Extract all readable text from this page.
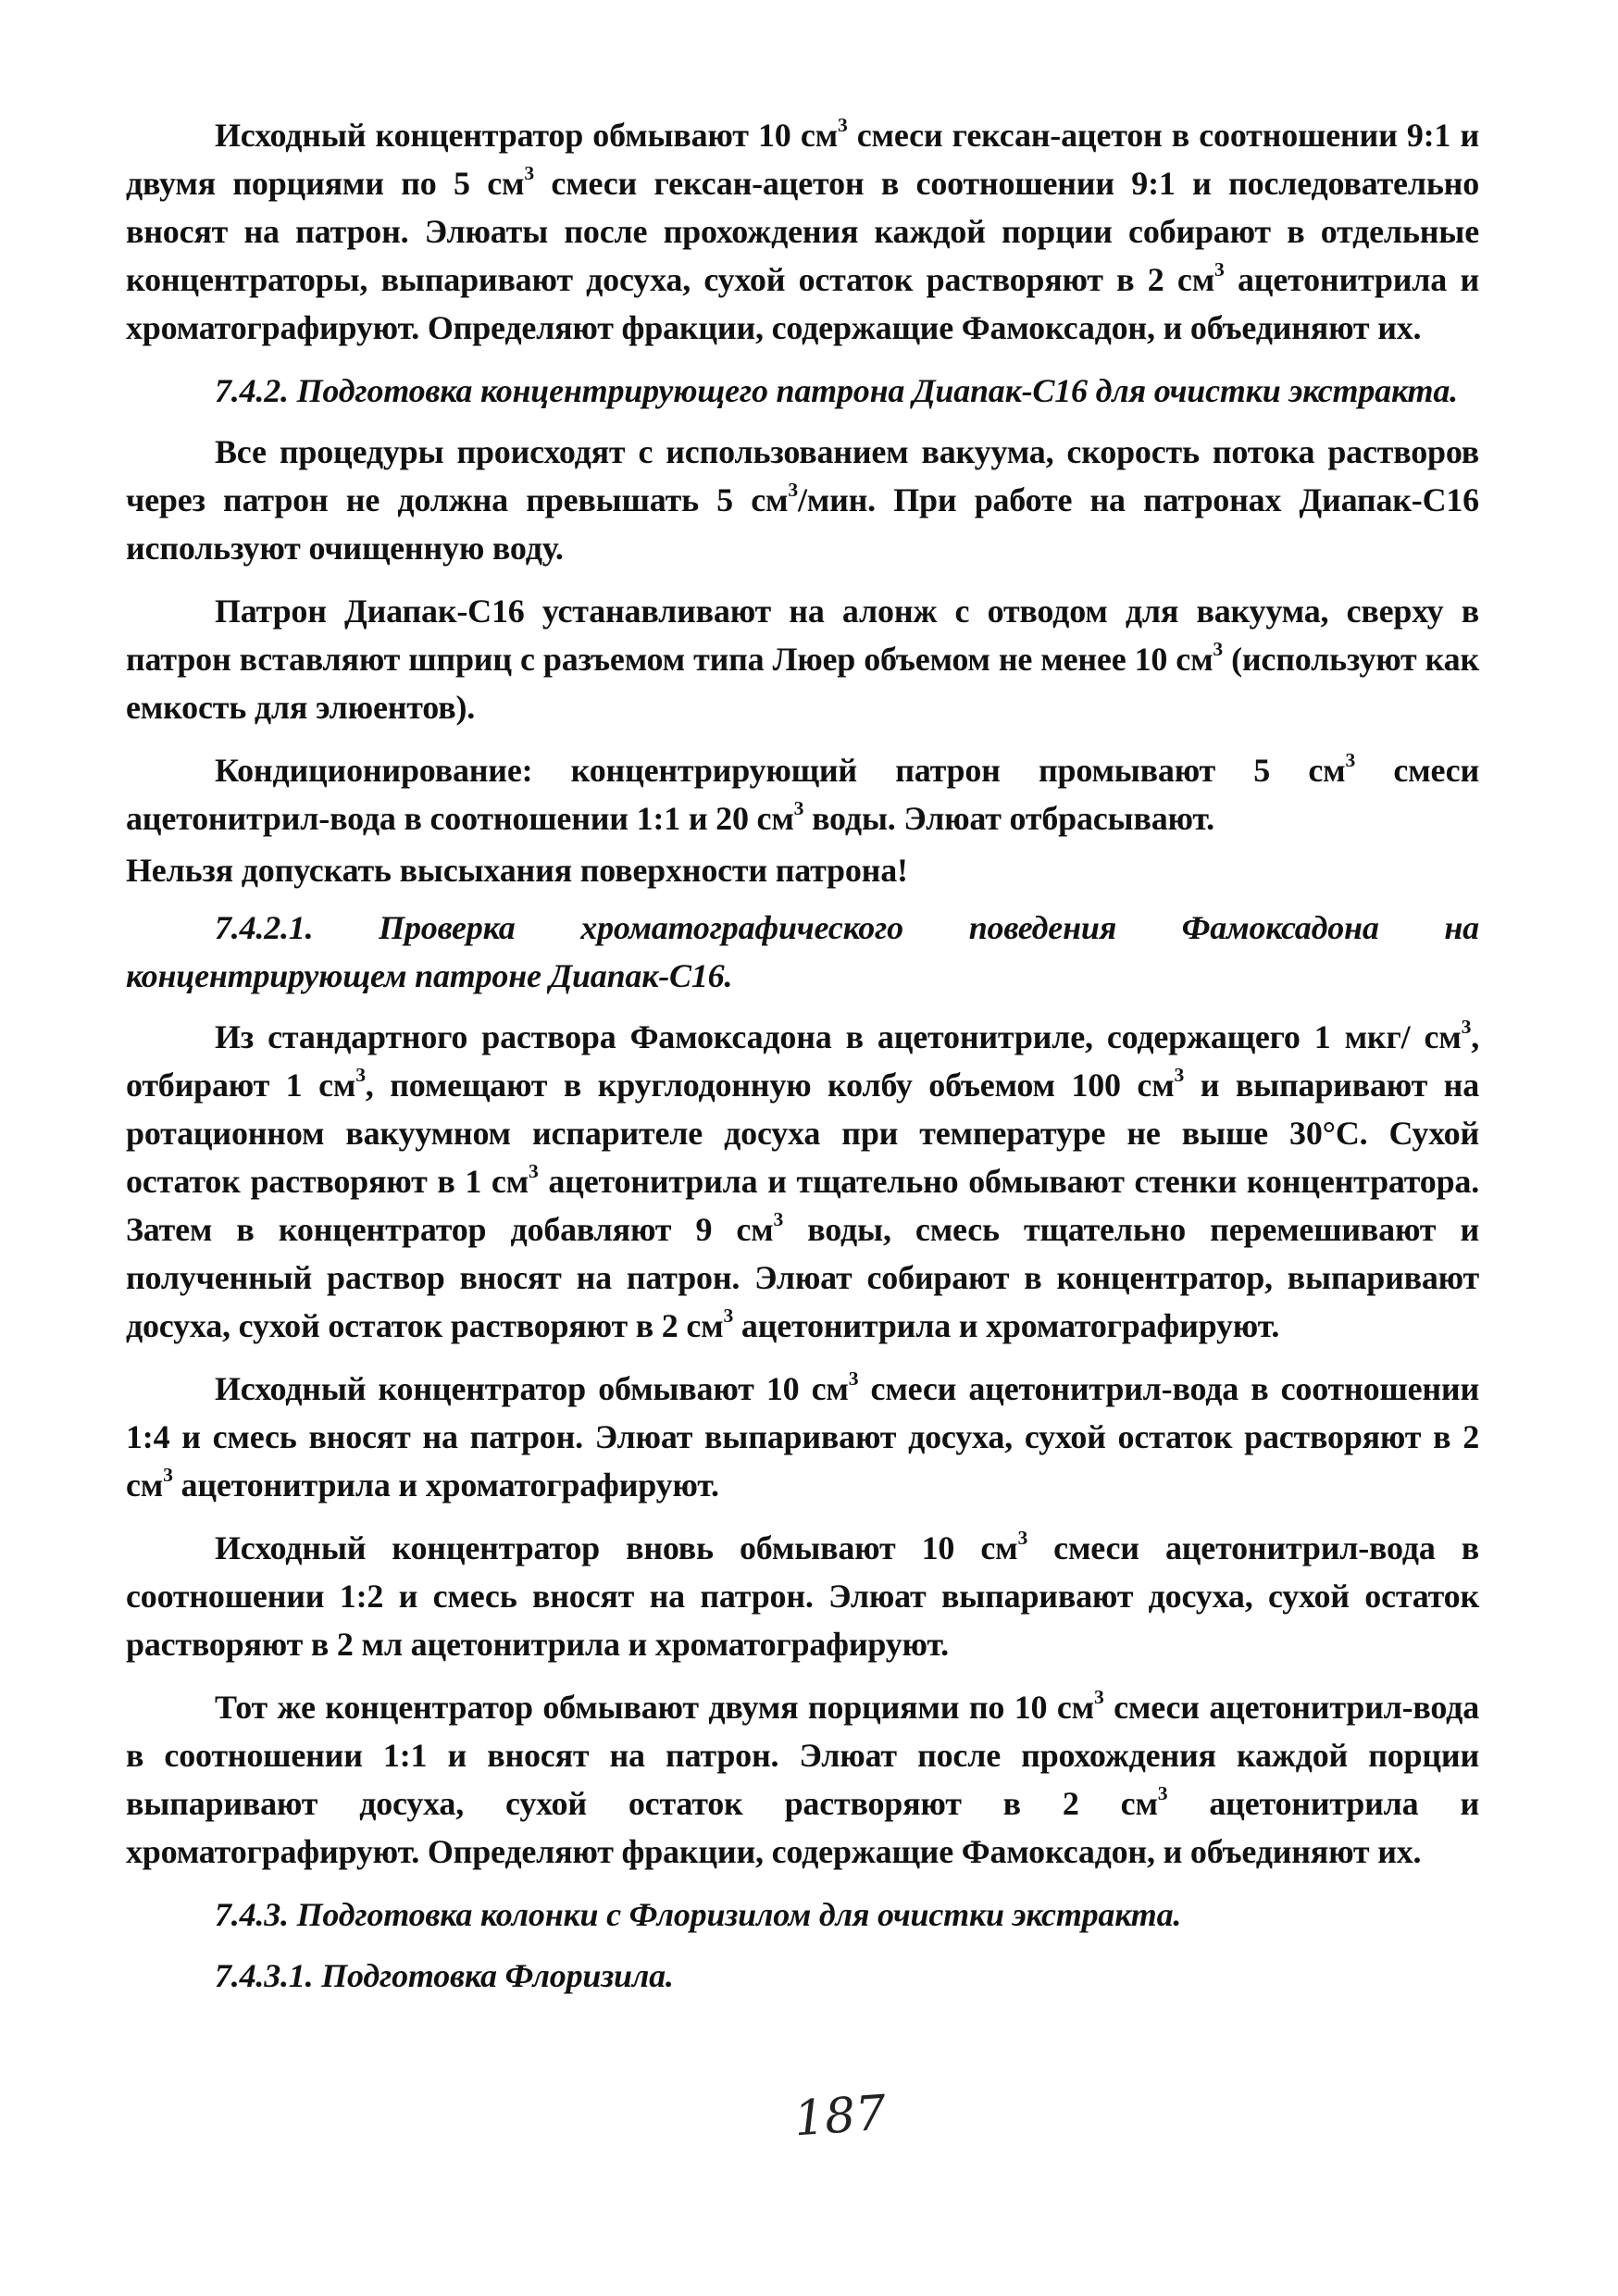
Исходный концентратор обмывают 10 $см^3$ смеси гексан-ацетон в соотношении 9:1 и двумя порциями по 5 $см^3$ смеси гексан-ацетон в соотношении 9:1 и последовательно вносят на патрон. Элюаты после прохождения каждой порции собирают в отдельные концентраторы, выпаривают досуха, сухой остаток растворяют в 2 $см^3$ ацетонитрила и хроматографируют. Определяют фракции, содержащие Фамоксадон, и объединяют их.

7.4.2. Подготовка концентрирующего патрона Диапак-С16 для очистки экстракта.

Все процедуры происходят с использованием вакуума, скорость потока растворов через патрон не должна превышать 5 $см^3$/мин. При работе на патронах Диапак-С16 используют очищенную воду.

Патрон Диапак-С16 устанавливают на алонж с отводом для вакуума, сверху в патрон вставляют шприц с разъемом типа Люер объемом не менее 10 $см^3$ (используют как емкость для элюентов).

Кондиционирование: концентрирующий патрон промывают 5 $см^3$ смеси ацетонитрил-вода в соотношении 1:1 и 20 $см^3$ воды. Элюат отбрасывают.

Нельзя допускать высыхания поверхности патрона!

7.4.2.1. Проверка хроматографического поведения Фамоксадона на концентрирующем патроне Диапак-С16.

Из стандартного раствора Фамоксадона в ацетонитриле, содержащего 1 мкг/ $см^3$, отбирают 1 $см^3$, помещают в круглодонную колбу объемом 100 $см^3$ и выпаривают на ротационном вакуумном испарителе досуха при температуре не выше 30°С. Сухой остаток растворяют в 1 $см^3$ ацетонитрила и тщательно обмывают стенки концентратора. Затем в концентратор добавляют 9 $см^3$ воды, смесь тщательно перемешивают и полученный раствор вносят на патрон. Элюат собирают в концентратор, выпаривают досуха, сухой остаток растворяют в 2 $см^3$ ацетонитрила и хроматографируют.

Исходный концентратор обмывают 10 $см^3$ смеси ацетонитрил-вода в соотношении 1:4 и смесь вносят на патрон. Элюат выпаривают досуха, сухой остаток растворяют в 2 $см^3$ ацетонитрила и хроматографируют.

Исходный концентратор вновь обмывают 10 $см^3$ смеси ацетонитрил-вода в соотношении 1:2 и смесь вносят на патрон. Элюат выпаривают досуха, сухой остаток растворяют в 2 мл ацетонитрила и хроматографируют.

Тот же концентратор обмывают двумя порциями по 10 $см^3$ смеси ацетонитрил-вода в соотношении 1:1 и вносят на патрон. Элюат после прохождения каждой порции выпаривают досуха, сухой остаток растворяют в 2 $см^3$ ацетонитрила и хроматографируют. Определяют фракции, содержащие Фамоксадон, и объединяют их.

7.4.3. Подготовка колонки с Флоризилом для очистки экстракта.

7.4.3.1. Подготовка Флоризила.

187
